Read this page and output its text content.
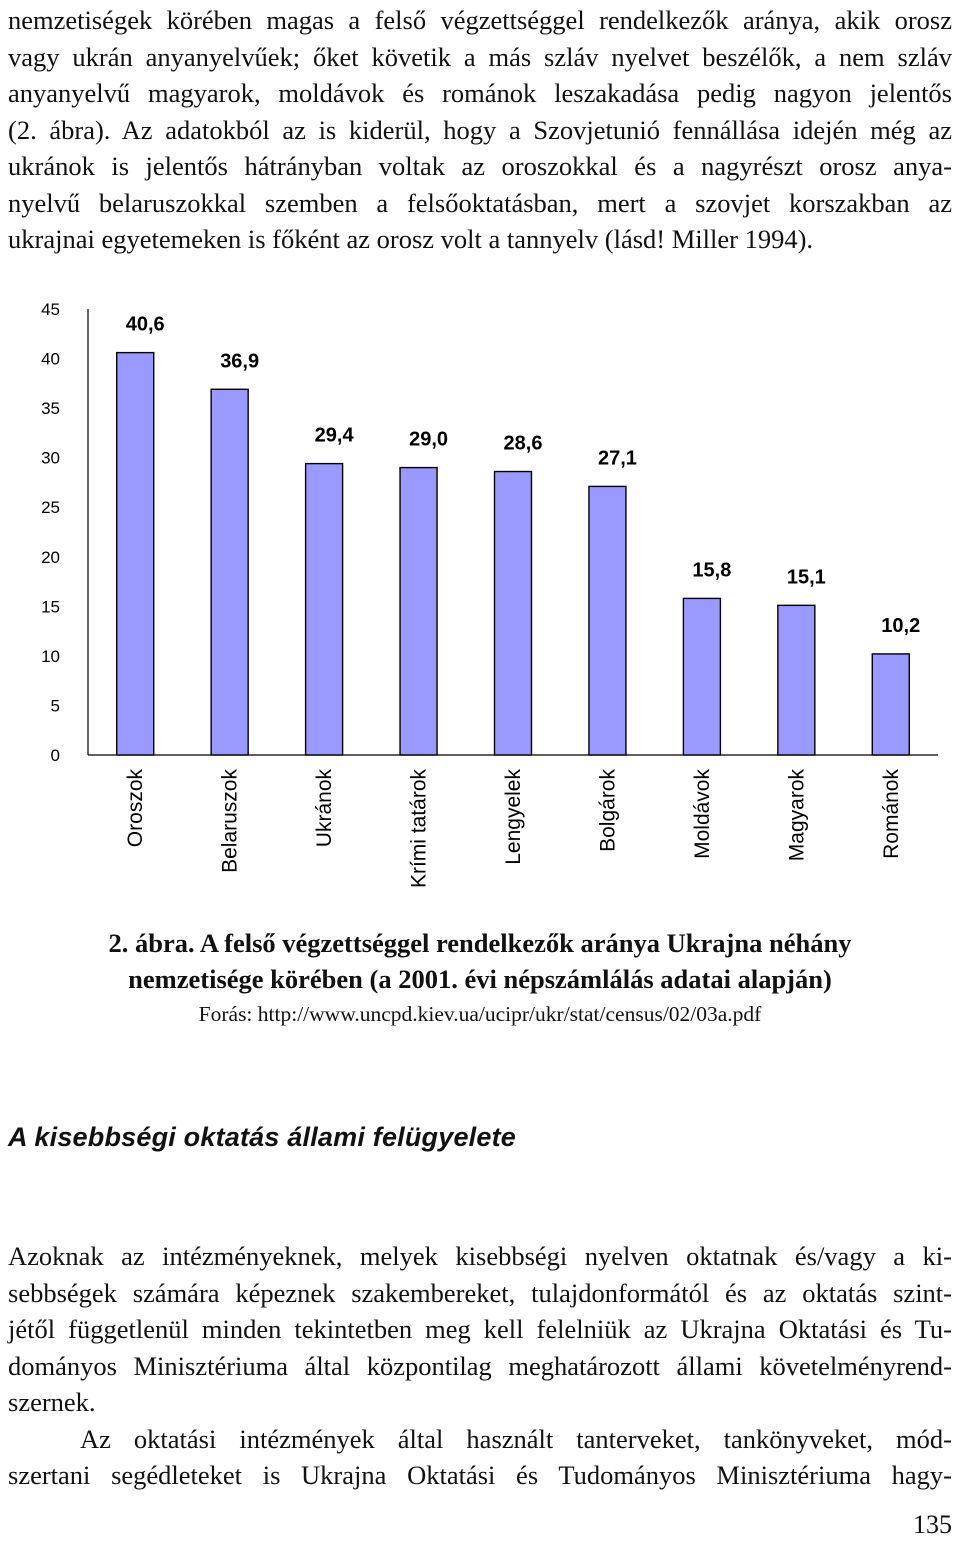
nemzetiségek körében magas a felső végzettséggel rendelkezők aránya, akik orosz
vagy ukrán anyanyelvűek; őket követik a más szláv nyelvet beszélők, a nem szláv
anyanyelvű magyarok, moldávok és románok leszakadása pedig nagyon jelentős
(2. ábra). Az adatokból az is kiderül, hogy a Szovjetunió fennállása idején még az
ukránok is jelentős hátrányban voltak az oroszokkal és a nagyrészt orosz anya-
nyelvű belaruszokkal szemben a felsőoktatásban, mert a szovjet korszakban az
ukrajnai egyetemeken is főként az orosz volt a tannyelv (lásd! Miller 1994).
0
5
10
15
20
25
30
35
40
45
40,6
Oroszok
36,9
Belaruszok
29,4
Ukránok
29,0
Krími tatárok
28,6
Lengyelek
27,1
Bolgárok
15,8
Moldávok
15,1
Magyarok
10,2
Románok

2. ábra. A felső végzettséggel rendelkezők aránya Ukrajna néhány
nemzetisége körében (a 2001. évi népszámlálás adatai alapján)

Forás: http://www.uncpd.kiev.ua/ucipr/ukr/stat/census/02/03a.pdf

A kisebbségi oktatás állami felügyelete
Azoknak az intézményeknek, melyek kisebbségi nyelven oktatnak és/vagy a ki-
sebbségek számára képeznek szakembereket, tulajdonformától és az oktatás szint-
jétől függetlenül minden tekintetben meg kell felelniük az Ukrajna Oktatási és Tu-
dományos Minisztériuma által központilag meghatározott állami követelményrend-
szernek.
Az oktatási intézmények által használt tanterveket, tankönyveket, mód-
szertani segédleteket is Ukrajna Oktatási és Tudományos Minisztériuma hagy-
135
